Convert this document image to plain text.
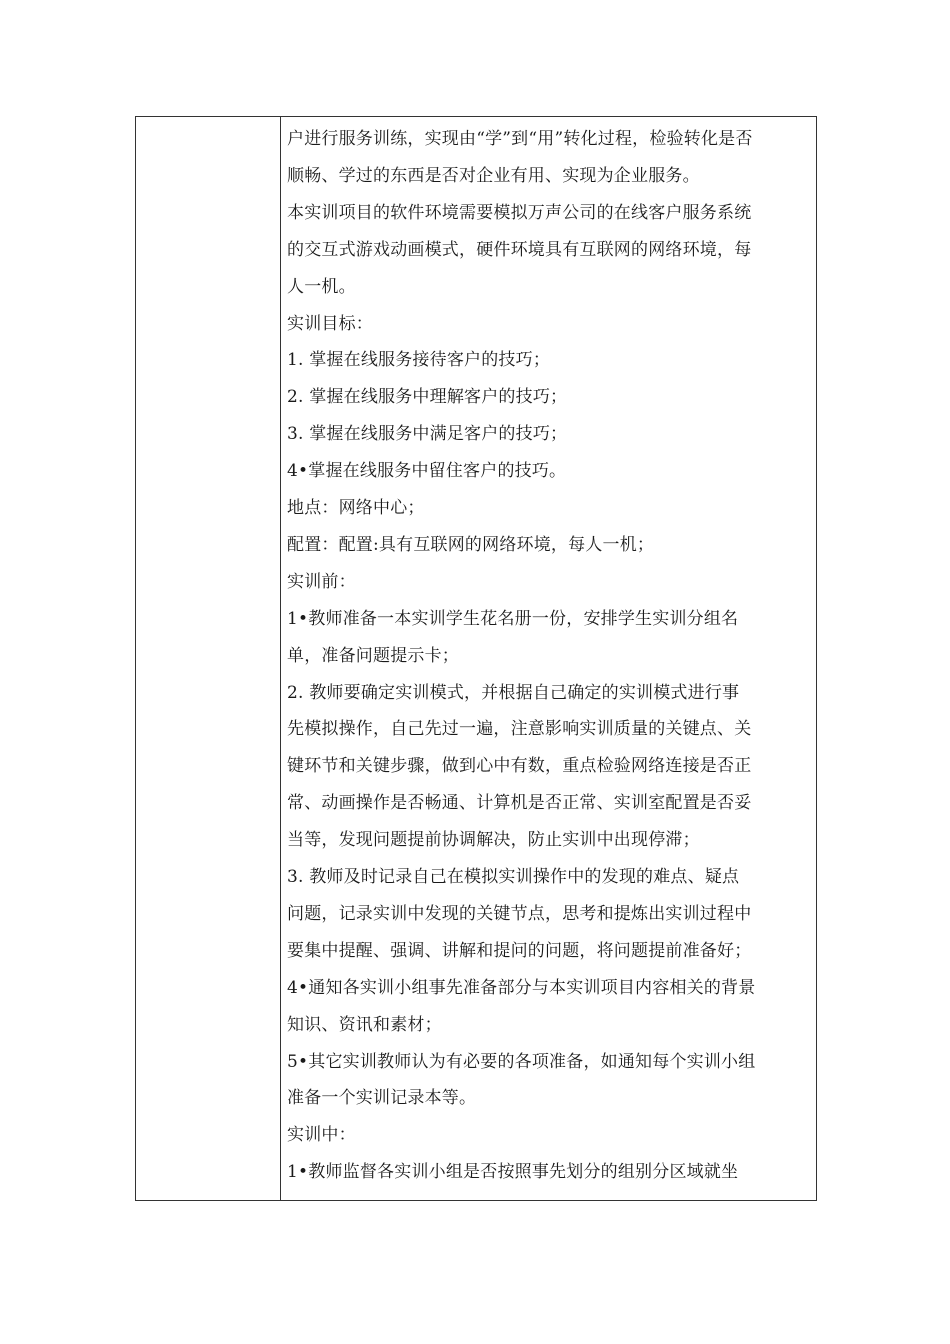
户进行服务训练，实现由“学”到“用”转化过程，检验转化是否
顺畅、学过的东西是否对企业有用、实现为企业服务。
本实训项目的软件环境需要模拟万声公司的在线客户服务系统
的交互式游戏动画模式，硬件环境具有互联网的网络环境，每
人一机。
实训目标：
1. 掌握在线服务接待客户的技巧；
2. 掌握在线服务中理解客户的技巧；
3. 掌握在线服务中满足客户的技巧；
4•掌握在线服务中留住客户的技巧。
地点：网络中心；
配置：配置:具有互联网的网络环境，每人一机；
实训前：
1•教师准备一本实训学生花名册一份，安排学生实训分组名
单，准备问题提示卡；
2. 教师要确定实训模式，并根据自己确定的实训模式进行事
先模拟操作，自己先过一遍，注意影响实训质量的关键点、关
键环节和关键步骤，做到心中有数，重点检验网络连接是否正
常、动画操作是否畅通、计算机是否正常、实训室配置是否妥
当等，发现问题提前协调解决，防止实训中出现停滞；
3. 教师及时记录自己在模拟实训操作中的发现的难点、疑点
问题，记录实训中发现的关键节点，思考和提炼出实训过程中
要集中提醒、强调、讲解和提问的问题，将问题提前准备好；
4•通知各实训小组事先准备部分与本实训项目内容相关的背景
知识、资讯和素材；
5•其它实训教师认为有必要的各项准备，如通知每个实训小组
准备一个实训记录本等。
实训中：
1•教师监督各实训小组是否按照事先划分的组别分区域就坐
